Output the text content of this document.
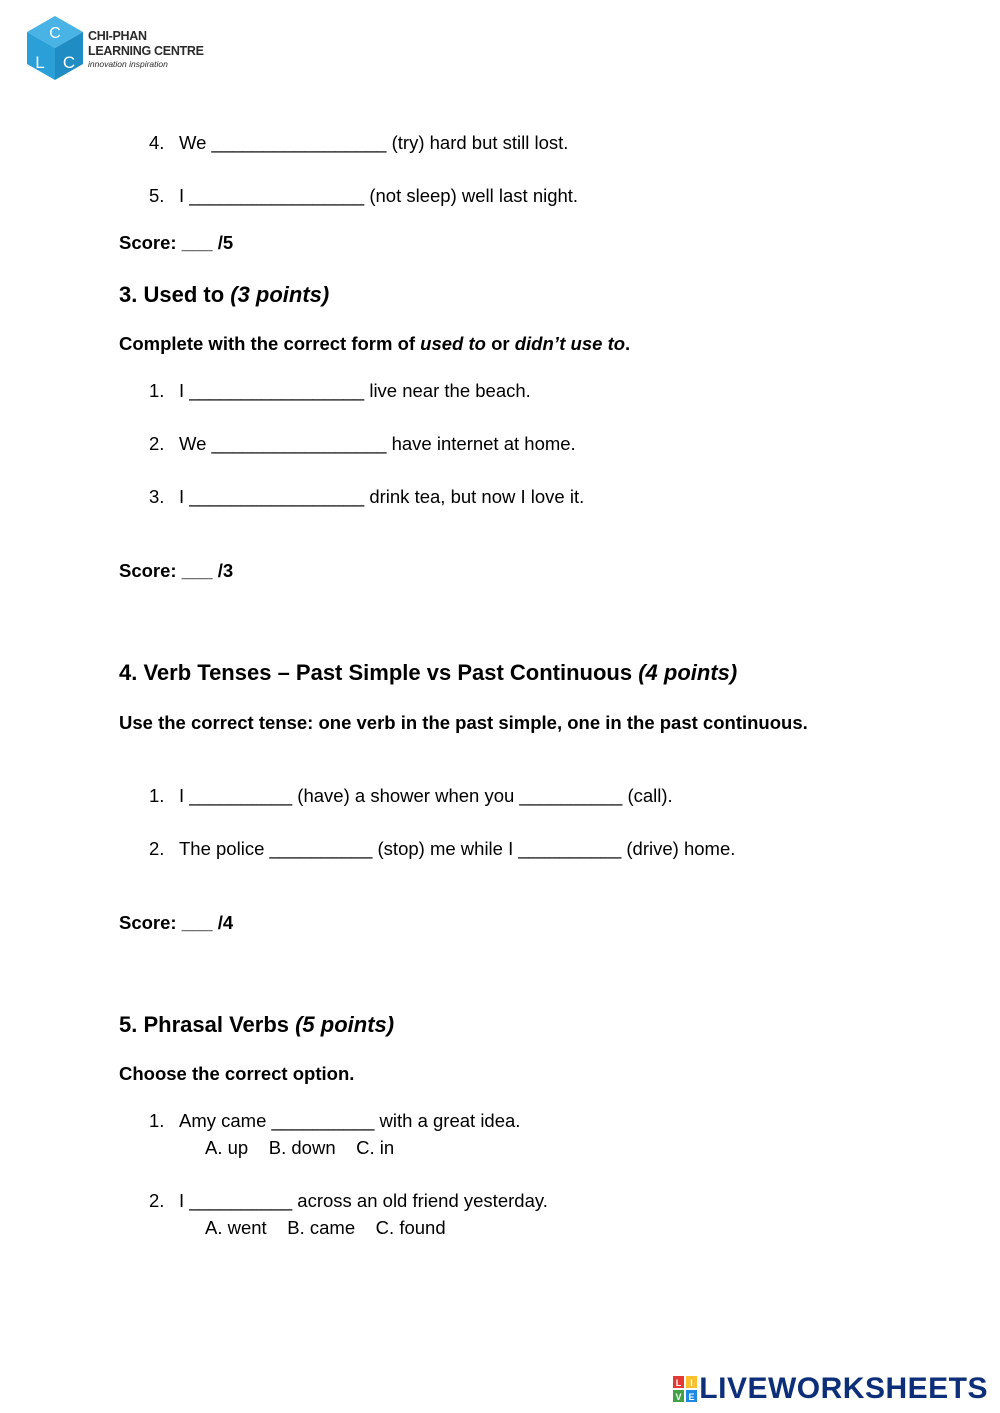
C
L C
CHI-PHAN
LEARNING CENTRE
innovation inspiration
4. We _________________ (try) hard but still lost.
5. I _________________ (not sleep) well last night.
Score: ___ /5
3. Used to (3 points)
Complete with the correct form of used to or didn’t use to.
1. I _________________ live near the beach.
2. We _________________ have internet at home.
3. I _________________ drink tea, but now I love it.
Score: ___ /3
4. Verb Tenses – Past Simple vs Past Continuous (4 points)
Use the correct tense: one verb in the past simple, one in the past continuous.
1. I __________ (have) a shower when you __________ (call).
2. The police __________ (stop) me while I __________ (drive) home.
Score: ___ /4
5. Phrasal Verbs (5 points)
Choose the correct option.
1. Amy came __________ with a great idea.
A. up    B. down    C. in
2. I __________ across an old friend yesterday.
A. went    B. came    C. found
L I
V E LIVEWORKSHEETS
